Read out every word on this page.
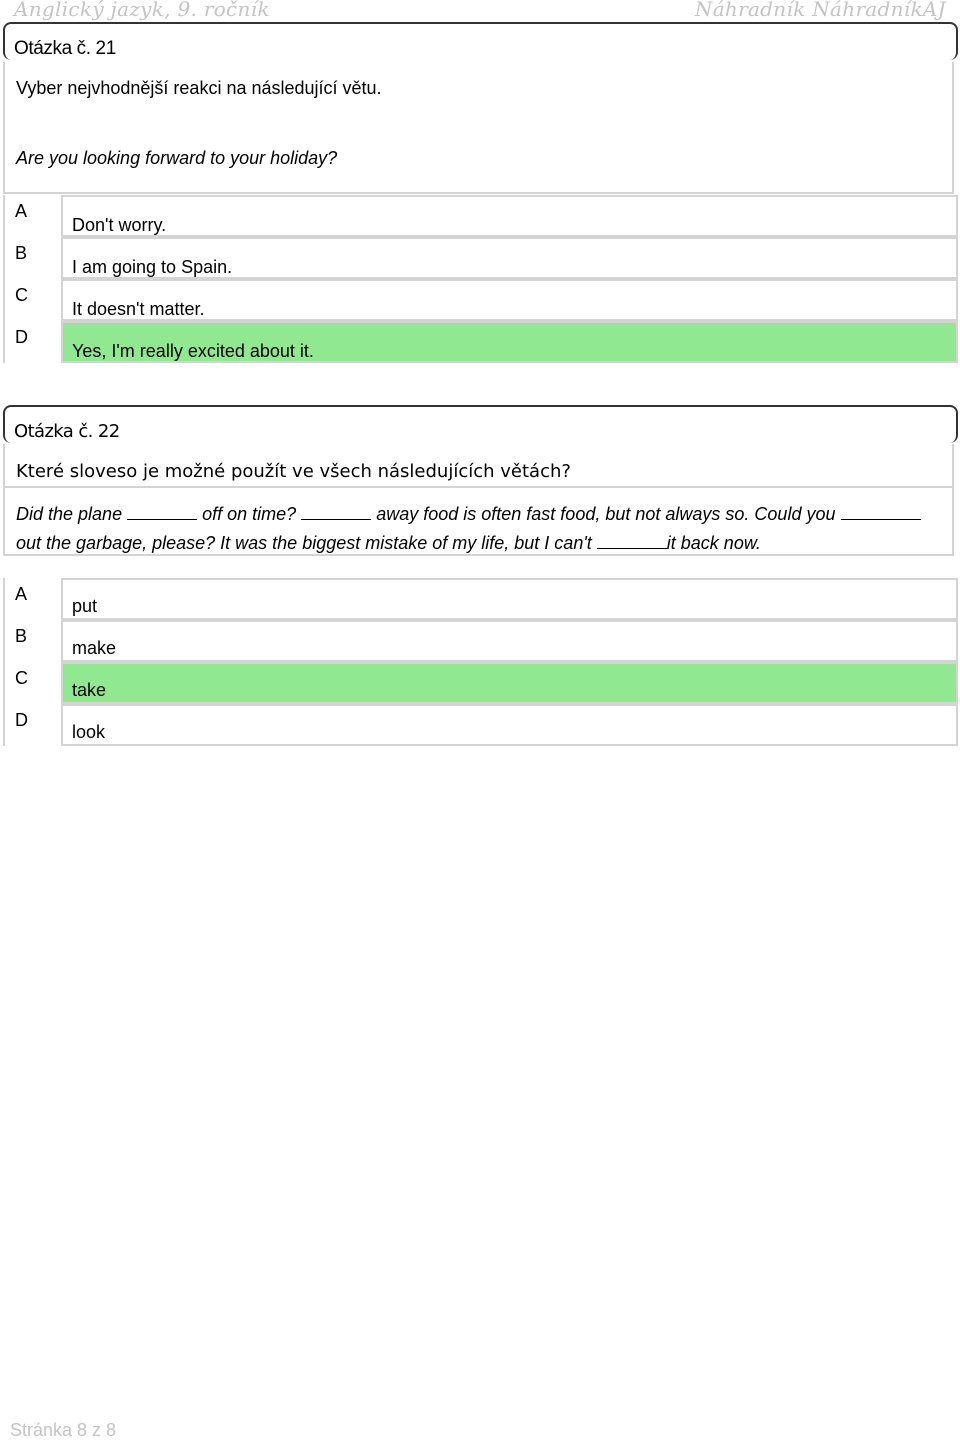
Anglický jazyk, 9. ročník	Náhradník NáhradníkAJ
Otázka č. 21
Vyber nejvhodnější reakci na následující větu.
Are you looking forward to your holiday?
A
Don't worry.
B
I am going to Spain.
C
It doesn't matter.
D
Yes, I'm really excited about it.
Otázka č. 22
Které sloveso je možné použít ve všech následujících větách?
Did the plane	off on time?	away food is often fast food, but not always so. Could you
out the garbage, please? It was the biggest mistake of my life, but I can't	it back now.
A
put
B
make
C
take
D
look
Stránka 8 z 8
